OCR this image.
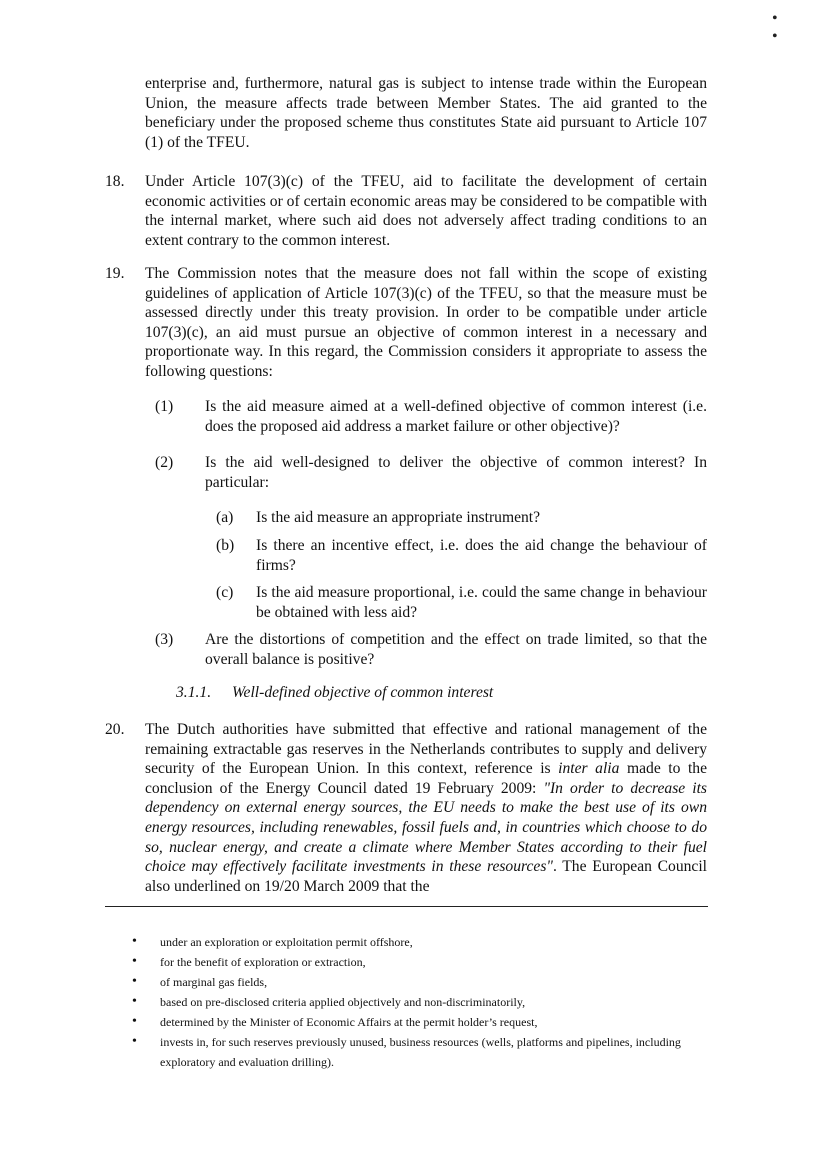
• •

enterprise and, furthermore, natural gas is subject to intense trade within the European Union, the measure affects trade between Member States. The aid granted to the beneficiary under the proposed scheme thus constitutes State aid pursuant to Article 107 (1) of the TFEU.

18. Under Article 107(3)(c) of the TFEU, aid to facilitate the development of certain economic activities or of certain economic areas may be considered to be compatible with the internal market, where such aid does not adversely affect trading conditions to an extent contrary to the common interest.

19. The Commission notes that the measure does not fall within the scope of existing guidelines of application of Article 107(3)(c) of the TFEU, so that the measure must be assessed directly under this treaty provision. In order to be compatible under article 107(3)(c), an aid must pursue an objective of common interest in a necessary and proportionate way. In this regard, the Commission considers it appropriate to assess the following questions:

(1) Is the aid measure aimed at a well-defined objective of common interest (i.e. does the proposed aid address a market failure or other objective)?

(2) Is the aid well-designed to deliver the objective of common interest? In particular:

(a) Is the aid measure an appropriate instrument?

(b) Is there an incentive effect, i.e. does the aid change the behaviour of firms?

(c) Is the aid measure proportional, i.e. could the same change in behaviour be obtained with less aid?

(3) Are the distortions of competition and the effect on trade limited, so that the overall balance is positive?

3.1.1. Well-defined objective of common interest
20. The Dutch authorities have submitted that effective and rational management of the remaining extractable gas reserves in the Netherlands contributes to supply and delivery security of the European Union. In this context, reference is inter alia made to the conclusion of the Energy Council dated 19 February 2009: "In order to decrease its dependency on external energy sources, the EU needs to make the best use of its own energy resources, including renewables, fossil fuels and, in countries which choose to do so, nuclear energy, and create a climate where Member States according to their fuel choice may effectively facilitate investments in these resources". The European Council also underlined on 19/20 March 2009 that the

• under an exploration or exploitation permit offshore,
• for the benefit of exploration or extraction,
• of marginal gas fields,
• based on pre-disclosed criteria applied objectively and non-discriminatorily,
• determined by the Minister of Economic Affairs at the permit holder’s request,
• invests in, for such reserves previously unused, business resources (wells, platforms and pipelines, including exploratory and evaluation drilling).
